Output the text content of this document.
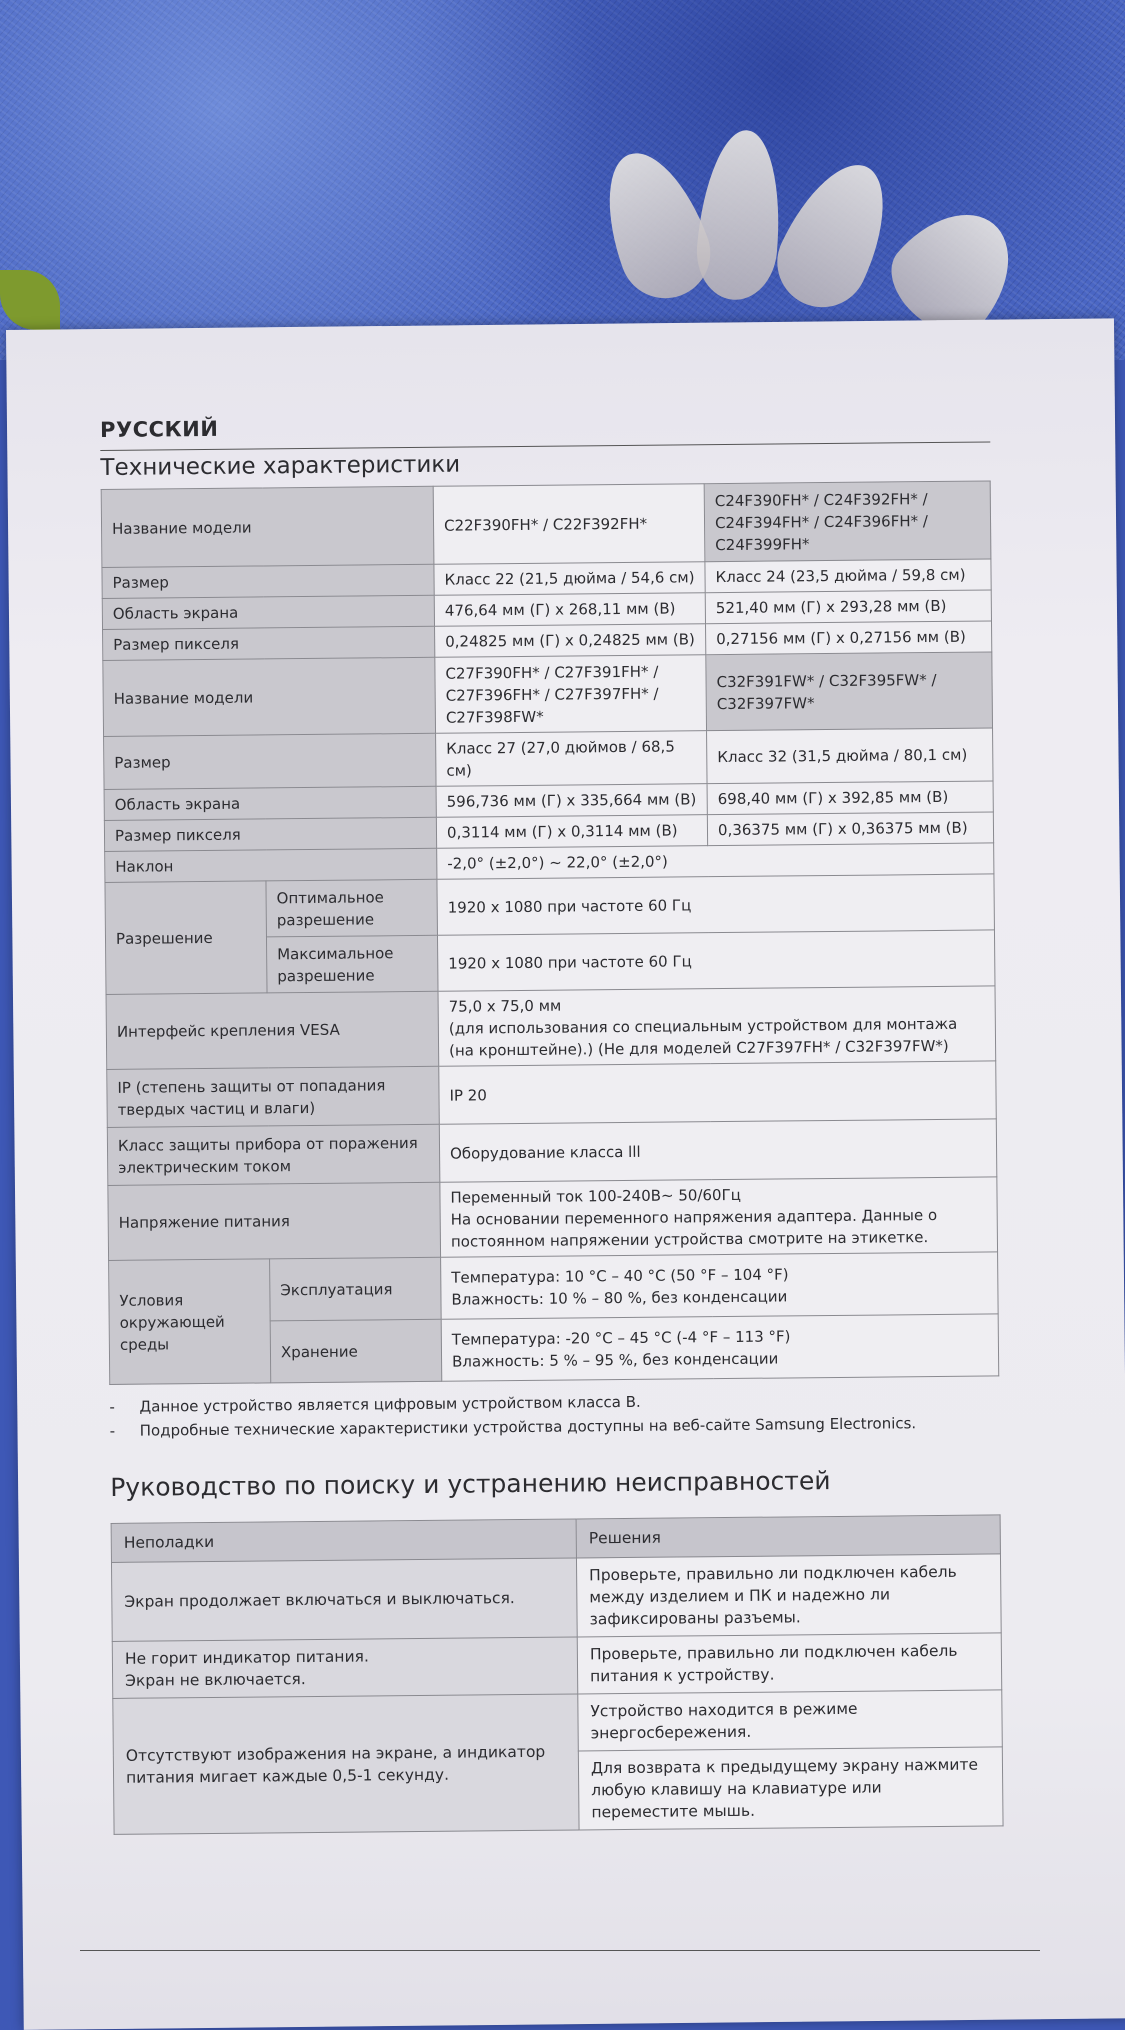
РУССКИЙ
Технические характеристики
Название модели		C22F390FH* / C22F392FH*	C24F390FH* / C24F392FH* / C24F394FH* / C24F396FH* / C24F399FH*
Размер		Класс 22 (21,5 дюйма / 54,6 см)	Класс 24 (23,5 дюйма / 59,8 см)
Область экрана		476,64 мм (Г) x 268,11 мм (В)	521,40 мм (Г) x 293,28 мм (В)
Размер пикселя		0,24825 мм (Г) x 0,24825 мм (В)	0,27156 мм (Г) x 0,27156 мм (В)
Название модели		C27F390FH* / C27F391FH* / C27F396FH* / C27F397FH* / C27F398FW*	C32F391FW* / C32F395FW* / C32F397FW*
Размер		Класс 27 (27,0 дюймов / 68,5 см)	Класс 32 (31,5 дюйма / 80,1 см)
Область экрана		596,736 мм (Г) x 335,664 мм (В)	698,40 мм (Г) x 392,85 мм (В)
Размер пикселя		0,3114 мм (Г) x 0,3114 мм (В)	0,36375 мм (Г) x 0,36375 мм (В)
Наклон		-2,0° (±2,0°) ~ 22,0° (±2,0°)	
Разрешение	Оптимальное разрешение	1920 x 1080 при частоте 60 Гц	
	Максимальное разрешение	1920 x 1080 при частоте 60 Гц	
Интерфейс крепления VESA		75,0 x 75,0 мм
(для использования со специальным устройством для монтажа (на кронштейне).) (Не для моделей C27F397FH* / C32F397FW*)	

IP (степень защиты от попадания твердых частиц и влаги)		IP 20	
Класс защиты прибора от поражения электрическим током		Оборудование класса lll	
Напряжение питания		Переменный ток 100-240В~ 50/60Гц
На основании переменного напряжения адаптера. Данные о постоянном напряжении устройства смотрите на этикетке.	

Условия окружающей среды	Эксплуатация	Температура: 10 °C – 40 °C (50 °F – 104 °F)
Влажность: 10 % – 80 %, без конденсации	

	Хранение	Температура: -20 °C – 45 °C (-4 °F – 113 °F)
Влажность: 5 % – 95 %, без конденсации	
- Данное устройство является цифровым устройством класса B.
- Подробные технические характеристики устройства доступны на веб-сайте Samsung Electronics.
Руководство по поиску и устранению неисправностей
Неполадки	Решения
Экран продолжает включаться и выключаться.	Проверьте, правильно ли подключен кабель между изделием и ПК и надежно ли зафиксированы разъемы.

Не горит индикатор питания.
Экран не включается.	Проверьте, правильно ли подключен кабель питания к устройству.
Отсутствуют изображения на экране, а индикатор питания мигает каждые 0,5-1 секунду.	Устройство находится в режиме энергосбережения.
	Для возврата к предыдущему экрану нажмите любую клавишу на клавиатуре или переместите мышь.
